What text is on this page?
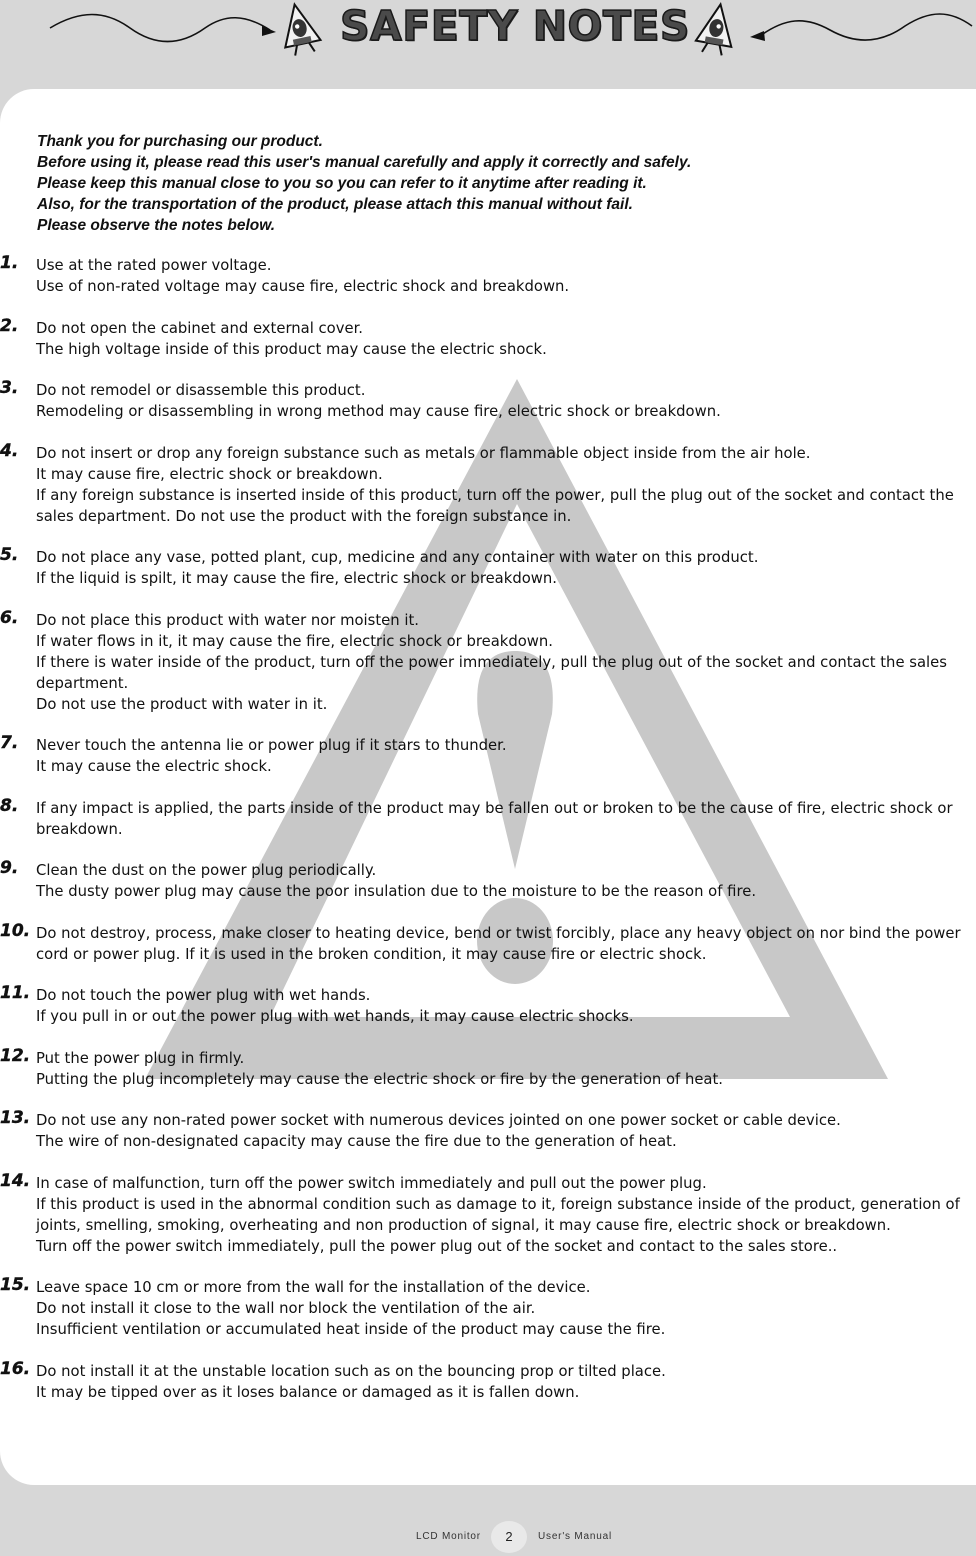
SAFETY NOTES
Thank you for purchasing our product.
Before using it, please read this user's manual carefully and apply it correctly and safely.
Please keep this manual close to you so you can refer to it anytime after reading it.
Also, for the transportation of the product, please attach this manual without fail.
Please observe the notes below.
1. Use at the rated power voltage.
Use of non-rated voltage may cause fire, electric shock and breakdown.
2. Do not open the cabinet and external cover.
The high voltage inside of this product may cause the electric shock.
3. Do not remodel or disassemble this product.
Remodeling or disassembling in wrong method may cause fire, electric shock or breakdown.
4. Do not insert or drop any foreign substance such as metals or flammable object inside from the air hole.
It may cause fire, electric shock or breakdown.
If any foreign substance is inserted inside of this product, turn off the power, pull the plug out of the socket and contact the sales department. Do not use the product with the foreign substance in.
5. Do not place any vase, potted plant, cup, medicine and any container with water on this product.
If the liquid is spilt, it may cause the fire, electric shock or breakdown.
6. Do not place this product with water nor moisten it.
If water flows in it, it may cause the fire, electric shock or breakdown.
If there is water inside of the product, turn off the power immediately, pull the plug out of the socket and contact the sales department.
Do not use the product with water in it.
7. Never touch the antenna lie or power plug if it stars to thunder.
It may cause the electric shock.
8. If any impact is applied, the parts inside of the product may be fallen out or broken to be the cause of fire, electric shock or breakdown.
9. Clean the dust on the power plug periodically.
The dusty power plug may cause the poor insulation due to the moisture to be the reason of fire.
10. Do not destroy, process, make closer to heating device, bend or twist forcibly, place any heavy object on nor bind the power cord or power plug. If it is used in the broken condition, it may cause fire or electric shock.
11. Do not touch the power plug with wet hands.
If you pull in or out the power plug with wet hands, it may cause electric shocks.
12. Put the power plug in firmly.
Putting the plug incompletely may cause the electric shock or fire by the generation of heat.
13. Do not use any non-rated power socket with numerous devices jointed on one power socket or cable device.
The wire of non-designated capacity may cause the fire due to the generation of heat.
14. In case of malfunction, turn off the power switch immediately and pull out the power plug.
If this product is used in the abnormal condition such as damage to it, foreign substance inside of the product, generation of joints, smelling, smoking, overheating and non production of signal, it may cause fire, electric shock or breakdown.
Turn off the power switch immediately, pull the power plug out of the socket and contact to the sales store..
15. Leave space 10 cm or more from the wall for the installation of the device.
Do not install it close to the wall nor block the ventilation of the air.
Insufficient ventilation or accumulated heat inside of the product may cause the fire.
16. Do not install it at the unstable location such as on the bouncing prop or tilted place.
It may be tipped over as it loses balance or damaged as it is fallen down.
LCD Monitor	2	User's Manual
